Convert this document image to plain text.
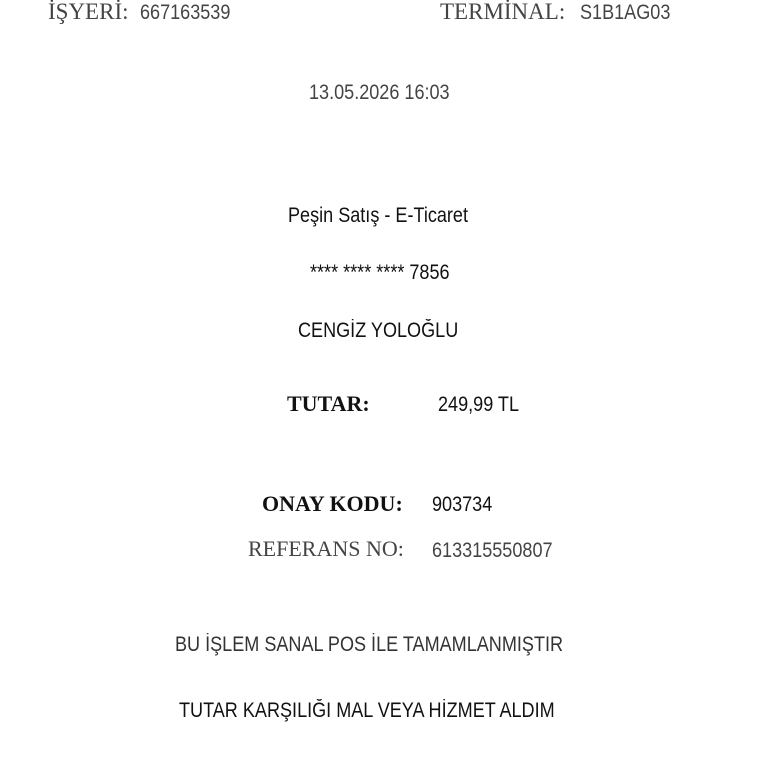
İŞYERİ: 667163539	TERMİNAL: S1B1AG03
13.05.2026 16:03
Peşin Satış - E-Ticaret
**** **** **** 7856
CENGİZ YOLOĞLU
TUTAR:	249,99 TL
ONAY KODU: 903734
REFERANS NO: 613315550807
BU İŞLEM SANAL POS İLE TAMAMLANMIŞTIR
TUTAR KARŞILIĞI MAL VEYA HİZMET ALDIM
